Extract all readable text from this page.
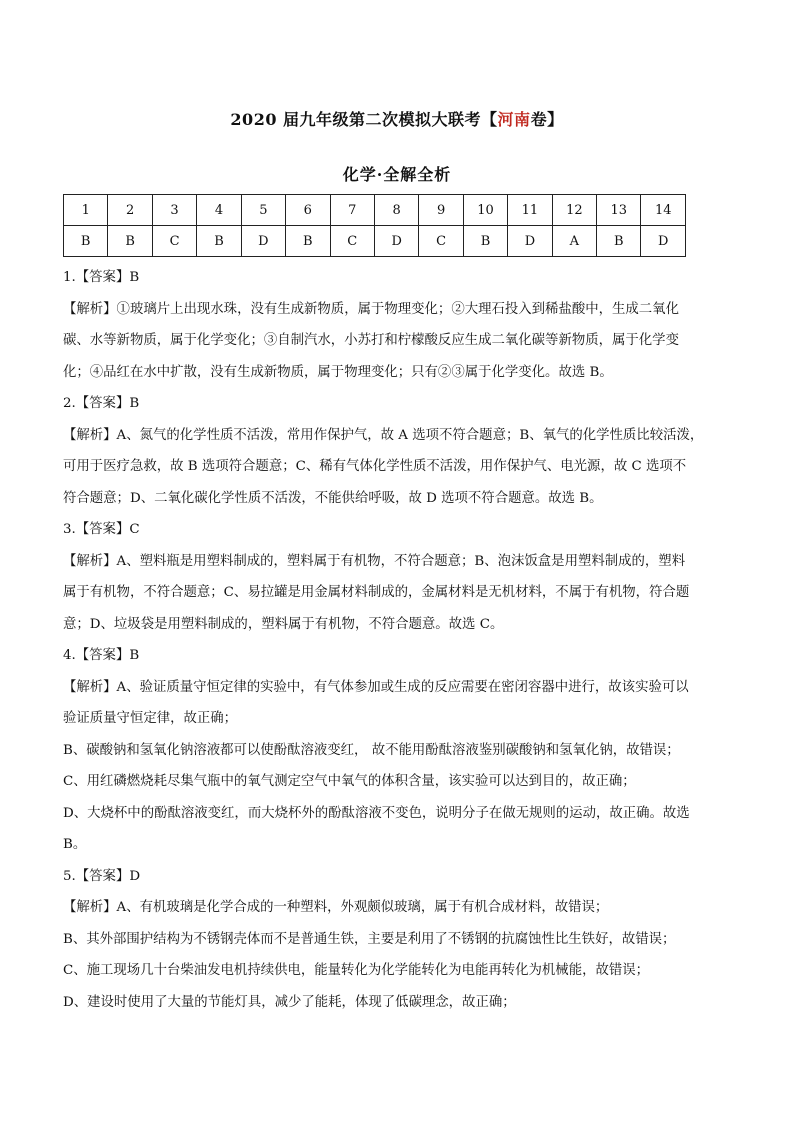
2020 届九年级第二次模拟大联考【河南卷】
化学·全解全析
1	2	3	4	5	6	7	8	9	10	11	12	13	14
B	B	C	B	D	B	C	D	C	B	D	A	B	D

1.【答案】B

【解析】①玻璃片上出现水珠，没有生成新物质，属于物理变化；②大理石投入到稀盐酸中，生成二氧化

碳、水等新物质，属于化学变化；③自制汽水，小苏打和柠檬酸反应生成二氧化碳等新物质，属于化学变

化；④品红在水中扩散，没有生成新物质，属于物理变化；只有②③属于化学变化。故选 B。

2.【答案】B

【解析】A、氮气的化学性质不活泼，常用作保护气，故 A 选项不符合题意；B、氧气的化学性质比较活泼，

可用于医疗急救，故 B 选项符合题意；C、稀有气体化学性质不活泼，用作保护气、电光源，故 C 选项不

符合题意；D、二氧化碳化学性质不活泼，不能供给呼吸，故 D 选项不符合题意。故选 B。

3.【答案】C

【解析】A、塑料瓶是用塑料制成的，塑料属于有机物，不符合题意；B、泡沫饭盒是用塑料制成的，塑料

属于有机物，不符合题意；C、易拉罐是用金属材料制成的，金属材料是无机材料，不属于有机物，符合题

意；D、垃圾袋是用塑料制成的，塑料属于有机物，不符合题意。故选 C。

4.【答案】B

【解析】A、验证质量守恒定律的实验中，有气体参加或生成的反应需要在密闭容器中进行，故该实验可以

验证质量守恒定律，故正确；

B、碳酸钠和氢氧化钠溶液都可以使酚酞溶液变红， 故不能用酚酞溶液鉴别碳酸钠和氢氧化钠，故错误；

C、用红磷燃烧耗尽集气瓶中的氧气测定空气中氧气的体积含量，该实验可以达到目的，故正确；

D、大烧杯中的酚酞溶液变红，而大烧杯外的酚酞溶液不变色，说明分子在做无规则的运动，故正确。故选

B。

5.【答案】D

【解析】A、有机玻璃是化学合成的一种塑料，外观颇似玻璃，属于有机合成材料，故错误；

B、其外部围护结构为不锈钢壳体而不是普通生铁，主要是利用了不锈钢的抗腐蚀性比生铁好，故错误；

C、施工现场几十台柴油发电机持续供电，能量转化为化学能转化为电能再转化为机械能，故错误；

D、建设时使用了大量的节能灯具，减少了能耗，体现了低碳理念，故正确；
